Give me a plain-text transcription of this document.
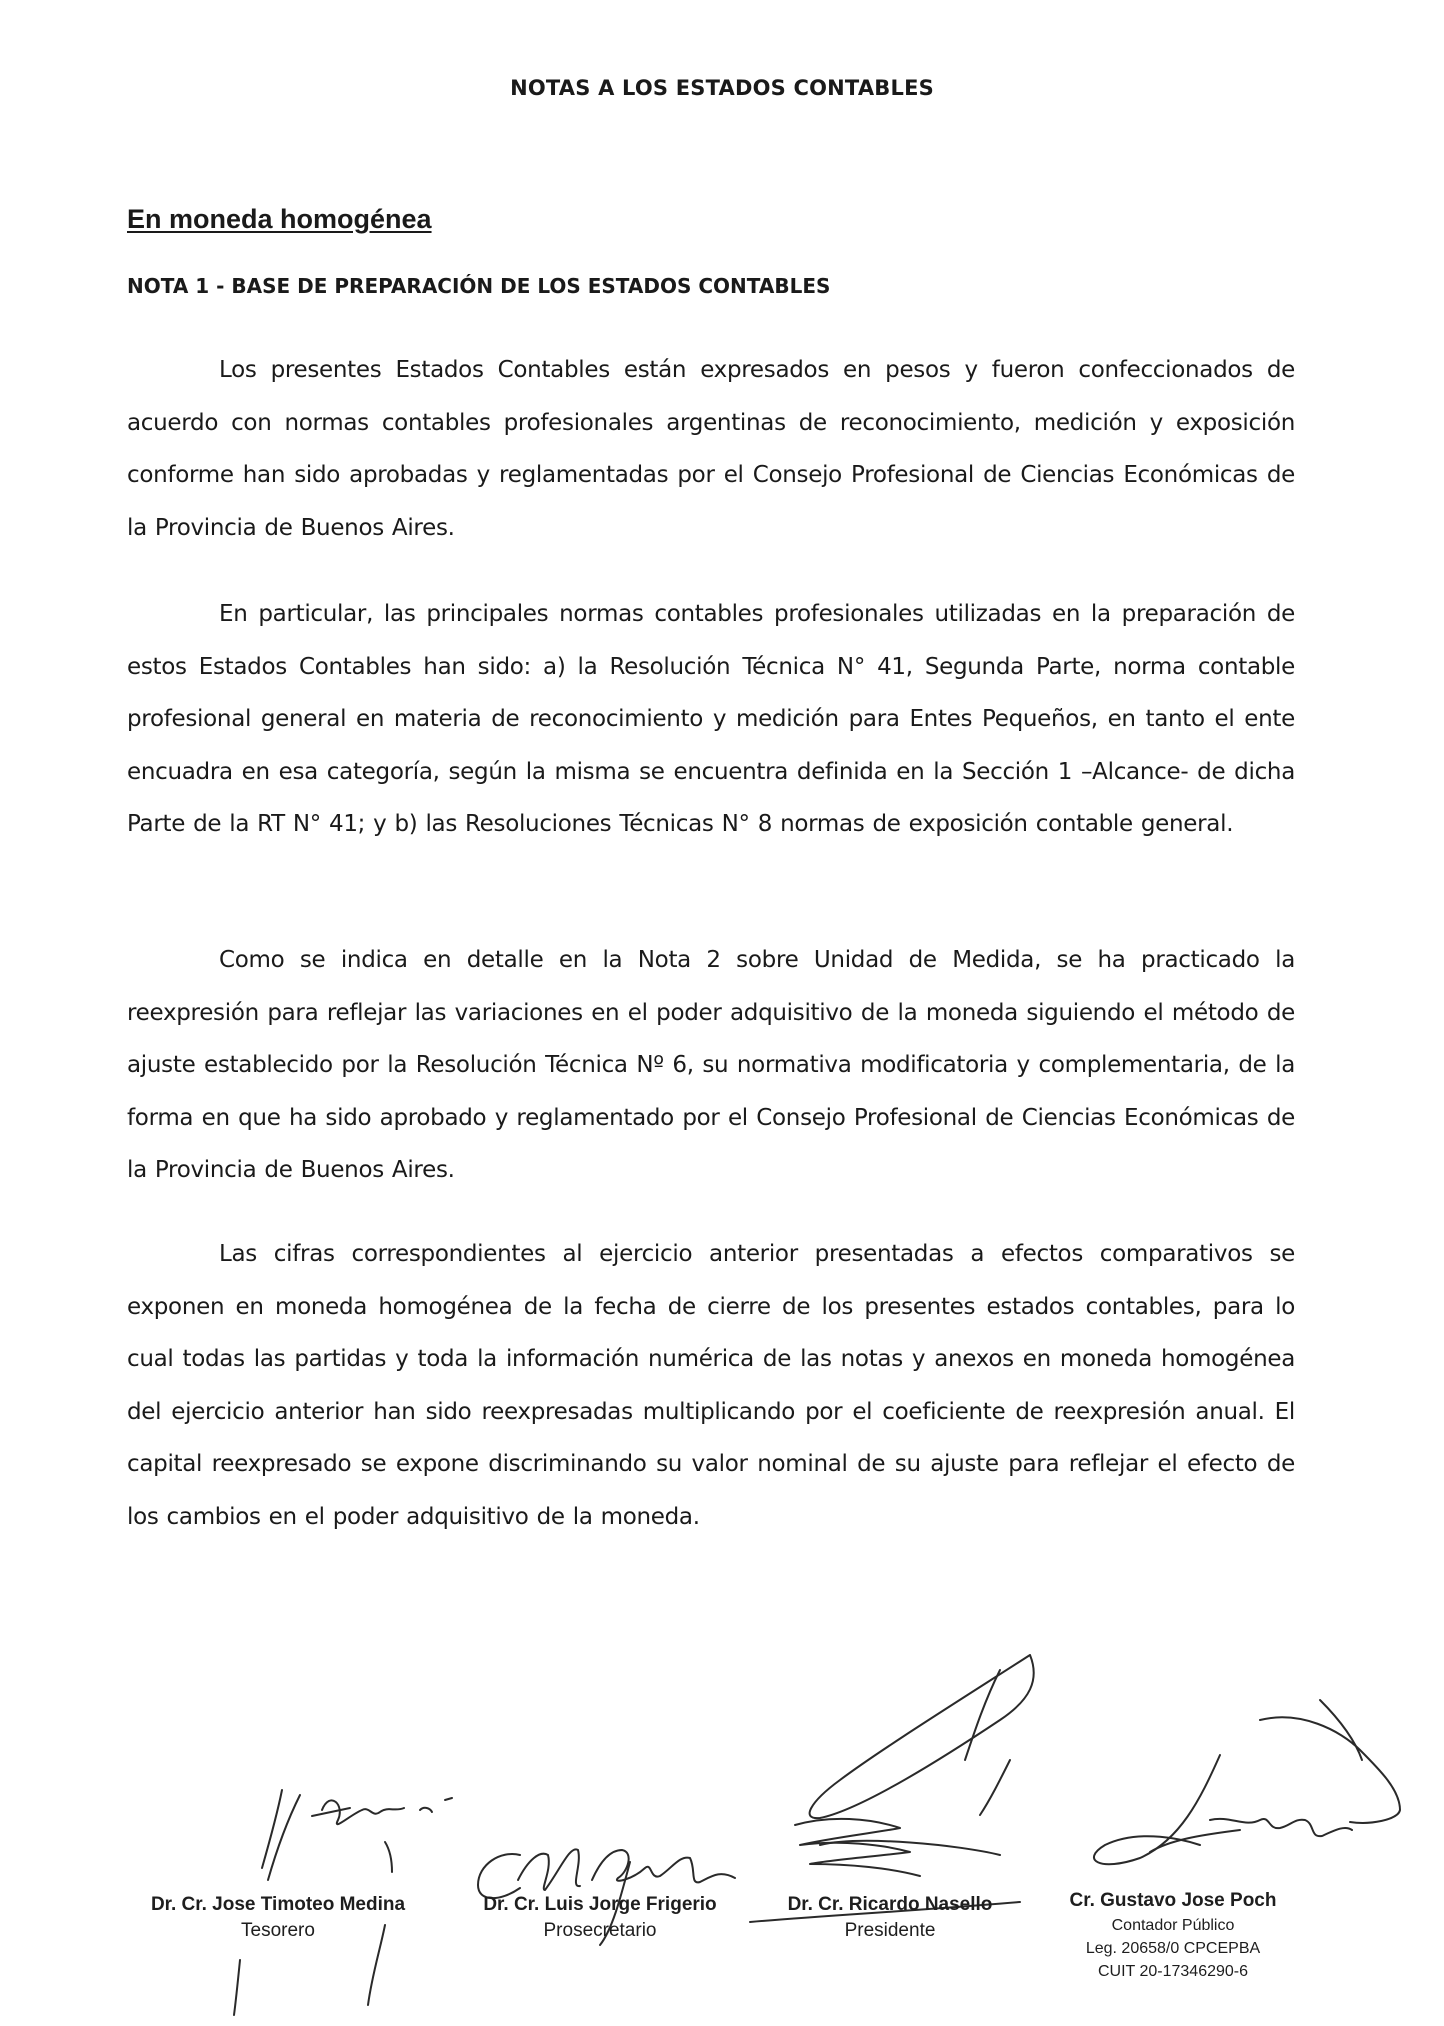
NOTAS A LOS ESTADOS CONTABLES
En moneda homogénea
NOTA 1 - BASE DE PREPARACIÓN DE LOS ESTADOS CONTABLES

Los presentes Estados Contables están expresados en pesos y fueron confeccionados de acuerdo con normas contables profesionales argentinas de reconocimiento, medición y exposición conforme han sido aprobadas y reglamentadas por el Consejo Profesional de Ciencias Económicas de la Provincia de Buenos Aires.

En particular, las principales normas contables profesionales utilizadas en la preparación de estos Estados Contables han sido: a) la Resolución Técnica N° 41, Segunda Parte, norma contable profesional general en materia de reconocimiento y medición para Entes Pequeños, en tanto el ente encuadra en esa categoría, según la misma se encuentra definida en la Sección 1 –Alcance- de dicha Parte de la RT N° 41; y b) las Resoluciones Técnicas N° 8 normas de exposición contable general.

Como se indica en detalle en la Nota 2 sobre Unidad de Medida, se ha practicado la reexpresión para reflejar las variaciones en el poder adquisitivo de la moneda siguiendo el método de ajuste establecido por la Resolución Técnica Nº 6, su normativa modificatoria y complementaria, de la forma en que ha sido aprobado y reglamentado por el Consejo Profesional de Ciencias Económicas de la Provincia de Buenos Aires.

Las cifras correspondientes al ejercicio anterior presentadas a efectos comparativos se exponen en moneda homogénea de la fecha de cierre de los presentes estados contables, para lo cual todas las partidas y toda la información numérica de las notas y anexos en moneda homogénea del ejercicio anterior han sido reexpresadas multiplicando por el coeficiente de reexpresión anual. El capital reexpresado se expone discriminando su valor nominal de su ajuste para reflejar el efecto de los cambios en el poder adquisitivo de la moneda.

Dr. Cr. Jose Timoteo Medina
Tesorero
Dr. Cr. Luis Jorge Frigerio
Prosecretario
Dr. Cr. Ricardo Nasello
Presidente
Cr. Gustavo Jose Poch
Contador Público
Leg. 20658/0 CPCEPBA
CUIT 20-17346290-6
